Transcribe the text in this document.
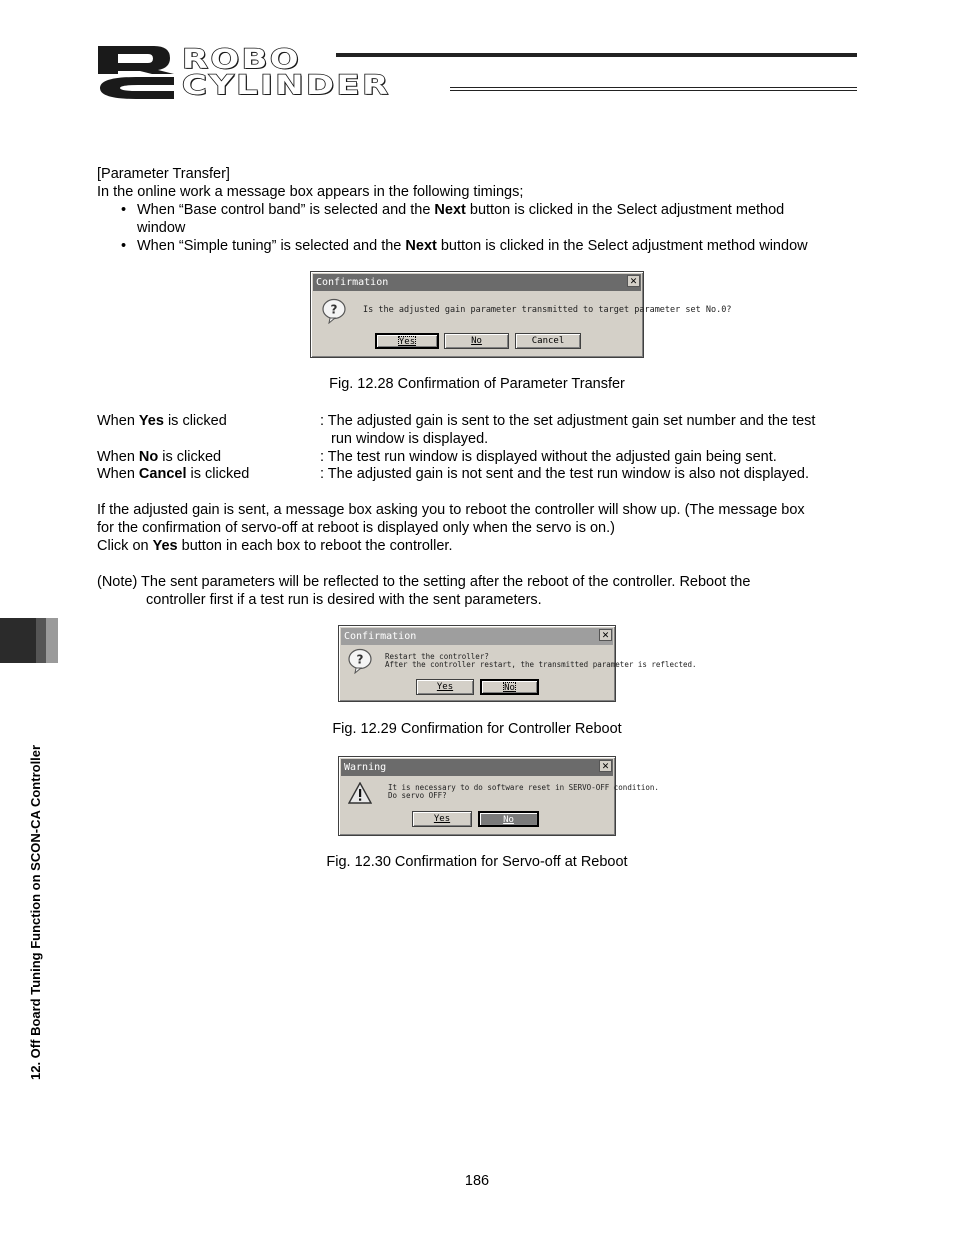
ROBO
CYLINDER
[Parameter Transfer]
In the online work a message box appears in the following timings;
• When “Base control band” is selected and the Next button is clicked in the Select adjustment method
window
• When “Simple tuning” is selected and the Next button is clicked in the Select adjustment method window
Confirmation	✕
?	Is the adjusted gain parameter transmitted to target parameter set No.0?
Yes	No	Cancel
Fig. 12.28 Confirmation of Parameter Transfer
When Yes is clicked	: The adjusted gain is sent to the set adjustment gain set number and the test
run window is displayed.
When No is clicked	: The test run window is displayed without the adjusted gain being sent.
When Cancel is clicked	: The adjusted gain is not sent and the test run window is also not displayed.
If the adjusted gain is sent, a message box asking you to reboot the controller will show up. (The message box
for the confirmation of servo-off at reboot is displayed only when the servo is on.)
Click on Yes button in each box to reboot the controller.
(Note) The sent parameters will be reflected to the setting after the reboot of the controller. Reboot the
controller first if a test run is desired with the sent parameters.
12. Off Board Tuning Function on SCON-CA Controller
Confirmation	✕
?	Restart the controller?
After the controller restart, the transmitted parameter is reflected.
Yes	No
Fig. 12.29 Confirmation for Controller Reboot
Warning	✕
It is necessary to do software reset in SERVO-OFF condition.
Do servo OFF?
Yes	No
Fig. 12.30 Confirmation for Servo-off at Reboot
186
